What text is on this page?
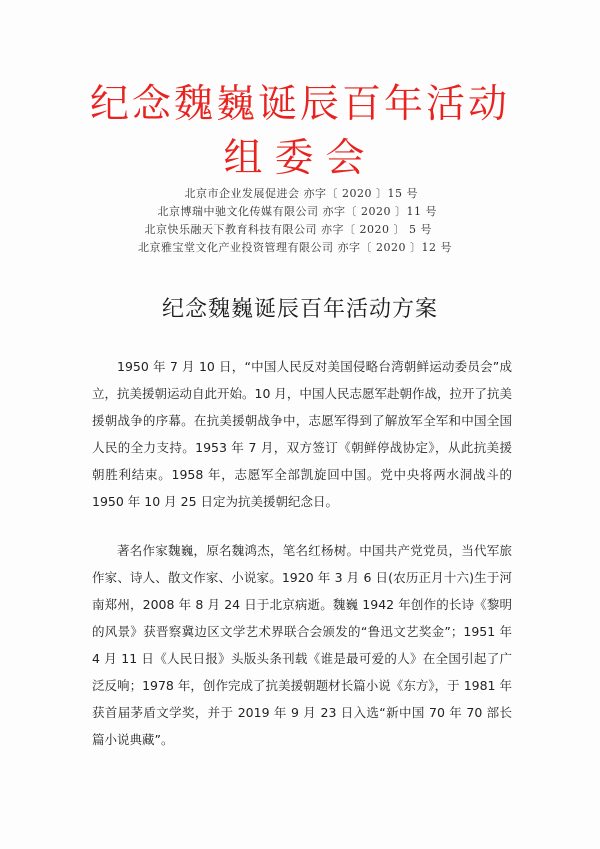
纪念魏巍诞辰百年活动
组委会
北京市企业发展促进会 亦字〔 2020 〕15 号
北京博瑞中驰文化传媒有限公司 亦字〔 2020 〕11 号
北京快乐融天下教育科技有限公司 亦字〔 2020 〕 5 号
北京雅宝堂文化产业投资管理有限公司 亦字〔 2020 〕12 号
纪念魏巍诞辰百年活动方案

1950 年 7 月 10 日，“中国人民反对美国侵略台湾朝鲜运动委员会”成立，抗美援朝运动自此开始。10 月，中国人民志愿军赴朝作战，拉开了抗美援朝战争的序幕。在抗美援朝战争中，志愿军得到了解放军全军和中国全国人民的全力支持。1953 年 7 月，双方签订《朝鲜停战协定》，从此抗美援朝胜利结束。1958 年，志愿军全部凯旋回中国。党中央将两水洞战斗的 1950 年 10 月 25 日定为抗美援朝纪念日。

著名作家魏巍，原名魏鸿杰，笔名红杨树。中国共产党党员，当代军旅作家、诗人、散文作家、小说家。1920 年 3 月 6 日(农历正月十六)生于河南郑州，2008 年 8 月 24 日于北京病逝。魏巍 1942 年创作的长诗《黎明的风景》获晋察冀边区文学艺术界联合会颁发的“鲁迅文艺奖金”；1951 年 4 月 11 日《人民日报》头版头条刊载《谁是最可爱的人》在全国引起了广泛反响；1978 年，创作完成了抗美援朝题材长篇小说《东方》，于 1981 年获首届茅盾文学奖，并于 2019 年 9 月 23 日入选“新中国 70 年 70 部长篇小说典藏”。
